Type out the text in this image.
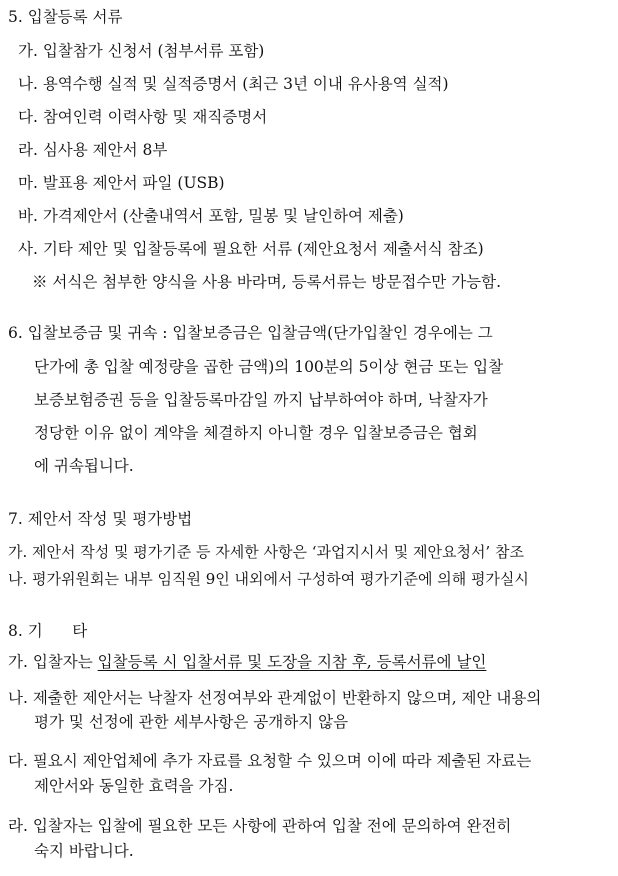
5. 입찰등록 서류
가. 입찰참가 신청서 (첨부서류 포함)
나. 용역수행 실적 및 실적증명서 (최근 3년 이내 유사용역 실적)
다. 참여인력 이력사항 및 재직증명서
라. 심사용 제안서 8부
마. 발표용 제안서 파일 (USB)
바. 가격제안서 (산출내역서 포함, 밀봉 및 날인하여 제출)
사. 기타 제안 및 입찰등록에 필요한 서류 (제안요청서 제출서식 참조)
※ 서식은 첨부한 양식을 사용 바라며, 등록서류는 방문접수만 가능함.
6. 입찰보증금 및 귀속 : 입찰보증금은 입찰금액(단가입찰인 경우에는 그
단가에 총 입찰 예정량을 곱한 금액)의 100분의 5이상 현금 또는 입찰
보증보험증권 등을 입찰등록마감일 까지 납부하여야 하며, 낙찰자가
정당한 이유 없이 계약을 체결하지 아니할 경우 입찰보증금은 협회
에 귀속됩니다.
7. 제안서 작성 및 평가방법
가. 제안서 작성 및 평가기준 등 자세한 사항은 ‘과업지시서 및 제안요청서’ 참조
나. 평가위원회는 내부 임직원 9인 내외에서 구성하여 평가기준에 의해 평가실시
8. 기      타
가. 입찰자는 입찰등록 시 입찰서류 및 도장을 지참 후, 등록서류에 날인
나. 제출한 제안서는 낙찰자 선정여부와 관계없이 반환하지 않으며, 제안 내용의
평가 및 선정에 관한 세부사항은 공개하지 않음
다. 필요시 제안업체에 추가 자료를 요청할 수 있으며 이에 따라 제출된 자료는
제안서와 동일한 효력을 가짐.
라. 입찰자는 입찰에 필요한 모든 사항에 관하여 입찰 전에 문의하여 완전히
숙지 바랍니다.
